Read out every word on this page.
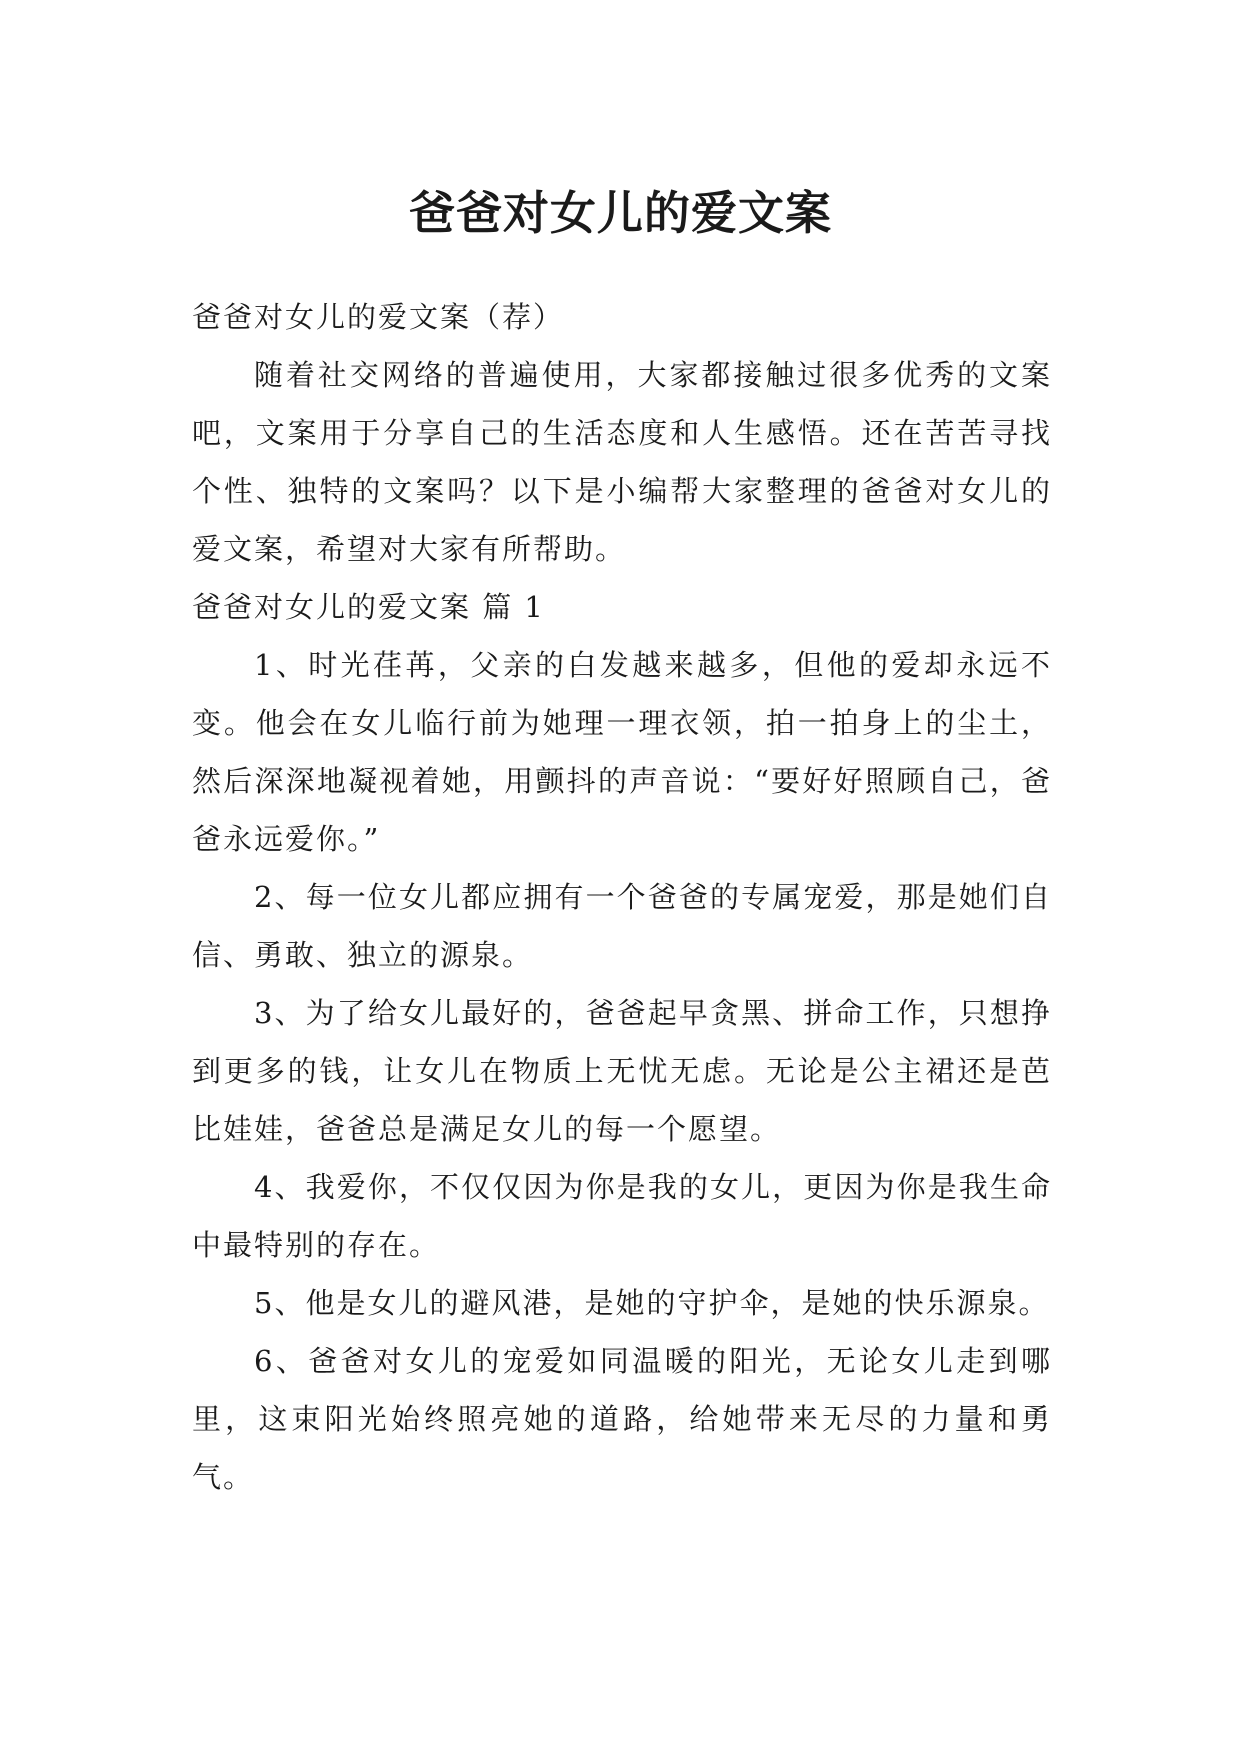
爸爸对女儿的爱文案

爸爸对女儿的爱文案（荐）

随着社交网络的普遍使用，大家都接触过很多优秀的文案吧，文案用于分享自己的生活态度和人生感悟。还在苦苦寻找个性、独特的文案吗？以下是小编帮大家整理的爸爸对女儿的爱文案，希望对大家有所帮助。

爸爸对女儿的爱文案 篇 1

1、时光荏苒，父亲的白发越来越多，但他的爱却永远不变。他会在女儿临行前为她理一理衣领，拍一拍身上的尘土，然后深深地凝视着她，用颤抖的声音说：“要好好照顾自己，爸爸永远爱你。”

2、每一位女儿都应拥有一个爸爸的专属宠爱，那是她们自信、勇敢、独立的源泉。

3、为了给女儿最好的，爸爸起早贪黑、拼命工作，只想挣到更多的钱，让女儿在物质上无忧无虑。无论是公主裙还是芭比娃娃，爸爸总是满足女儿的每一个愿望。

4、我爱你，不仅仅因为你是我的女儿，更因为你是我生命中最特别的存在。

5、他是女儿的避风港，是她的守护伞，是她的快乐源泉。

6、爸爸对女儿的宠爱如同温暖的阳光，无论女儿走到哪里，这束阳光始终照亮她的道路，给她带来无尽的力量和勇气。
